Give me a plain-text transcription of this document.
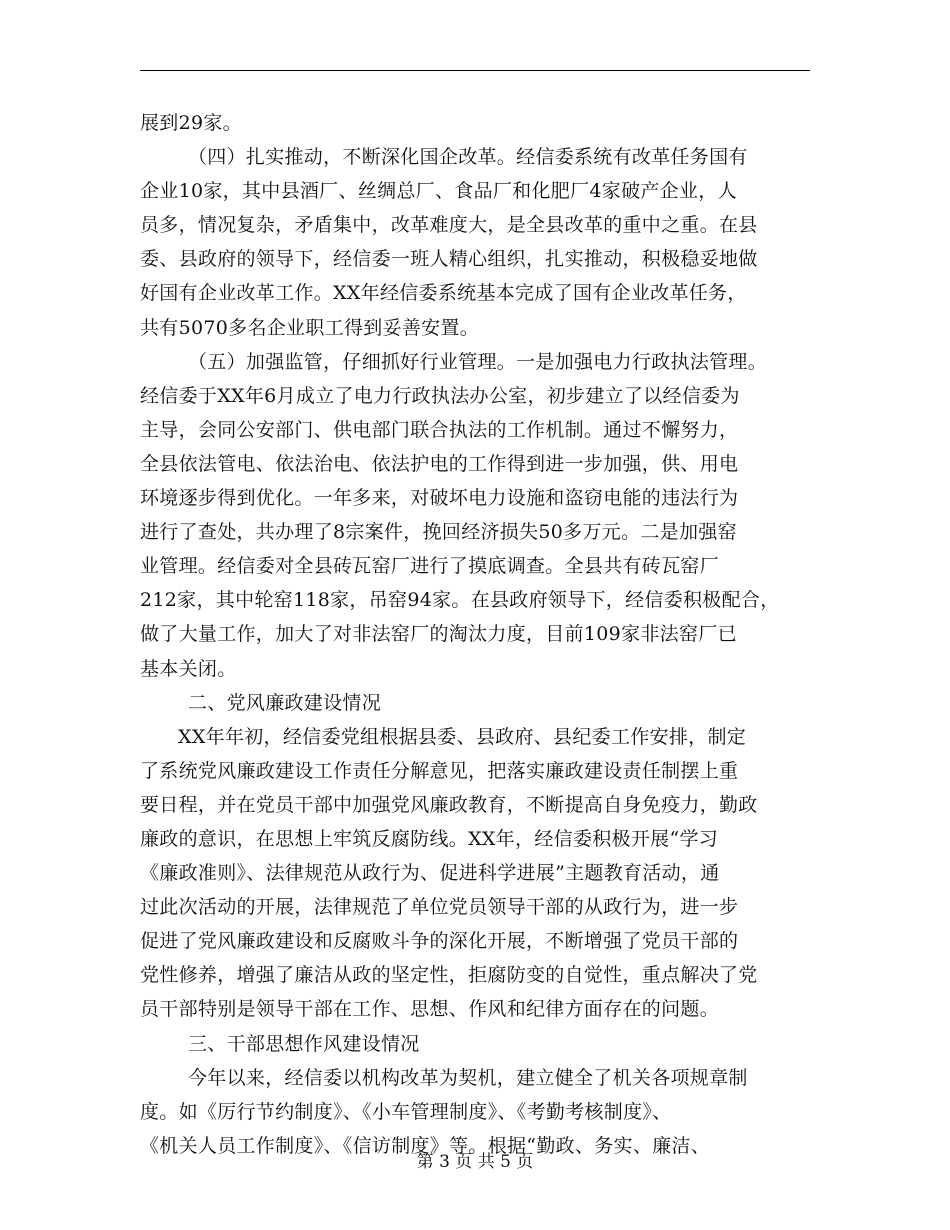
展到29家。
（四）扎实推动，不断深化国企改革。经信委系统有改革任务国有
企业10家，其中县酒厂、丝绸总厂、食品厂和化肥厂4家破产企业，人
员多，情况复杂，矛盾集中，改革难度大，是全县改革的重中之重。在县
委、县政府的领导下，经信委一班人精心组织，扎实推动，积极稳妥地做
好国有企业改革工作。XX年经信委系统基本完成了国有企业改革任务，
共有5070多名企业职工得到妥善安置。
（五）加强监管，仔细抓好行业管理。一是加强电力行政执法管理。
经信委于XX年6月成立了电力行政执法办公室，初步建立了以经信委为
主导，会同公安部门、供电部门联合执法的工作机制。通过不懈努力，
全县依法管电、依法治电、依法护电的工作得到进一步加强，供、用电
环境逐步得到优化。一年多来，对破坏电力设施和盗窃电能的违法行为
进行了查处，共办理了8宗案件，挽回经济损失50多万元。二是加强窑
业管理。经信委对全县砖瓦窑厂进行了摸底调查。全县共有砖瓦窑厂
212家，其中轮窑118家，吊窑94家。在县政府领导下，经信委积极配合，
做了大量工作，加大了对非法窑厂的淘汰力度，目前109家非法窑厂已
基本关闭。
二、党风廉政建设情况
XX年年初，经信委党组根据县委、县政府、县纪委工作安排，制定
了系统党风廉政建设工作责任分解意见，把落实廉政建设责任制摆上重
要日程，并在党员干部中加强党风廉政教育，不断提高自身免疫力，勤政
廉政的意识，在思想上牢筑反腐防线。XX年，经信委积极开展“学习
《廉政准则》、法律规范从政行为、促进科学进展”主题教育活动，通
过此次活动的开展，法律规范了单位党员领导干部的从政行为，进一步
促进了党风廉政建设和反腐败斗争的深化开展，不断增强了党员干部的
党性修养，增强了廉洁从政的坚定性，拒腐防变的自觉性，重点解决了党
员干部特别是领导干部在工作、思想、作风和纪律方面存在的问题。
三、干部思想作风建设情况
今年以来，经信委以机构改革为契机，建立健全了机关各项规章制
度。如《厉行节约制度》、《小车管理制度》、《考勤考核制度》、
《机关人员工作制度》、《信访制度》等。根据“勤政、务实、廉洁、
第 3 页 共 5 页
